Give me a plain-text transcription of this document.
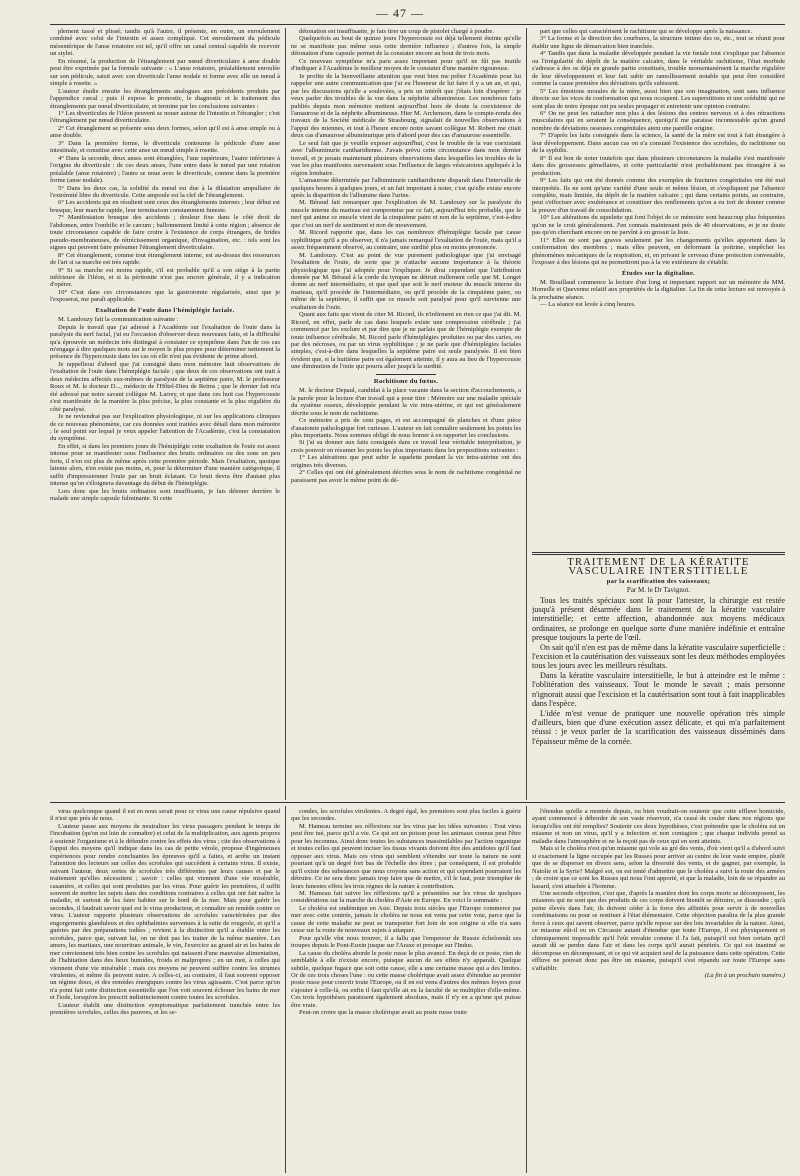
— 47 —

plement tassé et plissé; tandis qu'à l'autre, il présente, en outre, un enroulement combiné avec celui de l'intestin et assez compliqué. Cet enroulement du pédicule mésentérique de l'anse rotatoire est tel, qu'il offre un canal central capable de recevoir un stylet.

En résumé, la production de l'étranglement par nœud diverticulaire à anse double peut être exprimée par la formule suivante : « L'anse rotatoire, préalablement enroulée sur son pédicule, saisit avec son diverticule l'anse nodale et forme avec elle un nœud à simple à rosette. »

L'auteur étudie ensuite les étranglements analogues aux précédents produits par l'appendice cæcal ; puis il expose le pronostic, le diagnostic et le traitement des étranglements par nœud diverticulaire, et termine par les conclusions suivantes :

1° Les diverticules de l'iléon peuvent se nouer autour de l'intestin et l'étrangler ; c'est l'étranglement par nœud diverticulaire.

2° Cet étranglement se présente sous deux formes, selon qu'il est à anse simple ou à anse double.

3° Dans la première forme, le diverticule contourne le pédicule d'une anse intestinale, et constitue avec cette anse un nœud simple à rosette.

4° Dans la seconde, deux anses sont étranglées, l'une supérieure, l'autre inférieure à l'origine du diverticule : de ces deux anses, l'une entre dans le nœud par une rotation préalable (anse rotatoire) ; l'autre se noue avec le diverticule, comme dans la première forme (anse nodale).

5° Dans les deux cas, la solidité du nœud est due à la dilatation ampullaire de l'extrémité libre du diverticule. Cette ampoule est la clef de l'étranglement.

6° Les accidents qui en résultent sont ceux des étranglements internes ; leur début est brusque, leur marche rapide, leur terminaison constamment funeste.

7° Manifestation brusque des accidents ; douleur fixe dans le côté droit de l'abdomen, entre l'ombilic et le cæcum ; ballonnement limité à cette région ; absence de toute circonstance capable de faire croire à l'existence de corps étrangers, de brides pseudo-membraneuses, de rétrécissement organique, d'invagination, etc. : tels sont les signes qui peuvent faire présumer l'étranglement diverticulaire.

8° Cet étranglement, comme tout étranglement interne, est au-dessus des ressources de l'art si sa marche est très rapide.

9° Si sa marche est moins rapide, s'il est probable qu'il a son siège à la partie inférieure de l'iléon, et si la péritonite n'est pas encore générale, il y a indication d'opérer.

10° C'est dans ces circonstances que la gastrotomie régularisée, ainsi que je l'exposerai, me paraît applicable.

Exaltation de l'ouïe dans l'hémiplégie faciale.

M. Landouzy fait la communication suivante :

Depuis le travail que j'ai adressé à l'Académie sur l'exaltation de l'ouïe dans la paralysie du nerf facial, j'ai eu l'occasion d'observer deux nouveaux faits, et la difficulté qu'a éprouvée un médecin très distingué à constater ce symptôme dans l'un de ces cas m'engage à dire quelques mots sur le moyen le plus propre pour déterminer nettement la présence de l'hypercousie dans les cas où elle n'est pas évidente de prime abord.

Je rappellerai d'abord que j'ai consigné dans mon mémoire huit observations de l'exaltation de l'ouïe dans l'hémiplégie faciale ; que deux de ces observations ont trait à deux médecins affectés eux-mêmes de paralysie de la septième paire, M. le professeur Roux et M. le docteur D..., médecin de l'Hôtel-Dieu de Reims ; que le dernier fait m'a été adressé par notre savant collègue M. Larrey, et que dans ces huit cas l'hypercousie s'est manifestée de la manière la plus précise, la plus constante et la plus régulière du côté paralysé.

Je ne reviendrai pas sur l'explication physiologique, ni sur les applications cliniques de ce nouveau phénomène, car ces données sont traitées avec détail dans mon mémoire ; le seul point sur lequel je veux appeler l'attention de l'Académie, c'est la constatation du symptôme.

En effet, si dans les premiers jours de l'hémiplégie cette exaltation de l'ouïe est assez intense pour se manifester sous l'influence des bruits ordinaires ou des sons un peu forts, il n'en est plus de même après cette première période. Mais l'exaltation, quoique latente alors, n'en existe pas moins, et, pour la déterminer d'une manière catégorique, il suffit d'impressionner l'ouïe par un bruit éclatant. Ce bruit devra être d'autant plus intense qu'on s'éloignera davantage du début de l'hémiplégie.

Lors donc que les bruits ordinaires sont insuffisants, je fais détoner derrière le malade une simple capsule fulminante. Si cette

détonation est insuffisante, je fais tirer un coup de pistolet chargé à poudre.

Quelquefois au bout de quinze jours l'hypercousie est déjà tellement éteinte qu'elle ne se manifeste pas même sous cette dernière influence ; d'autres fois, la simple détonation d'une capsule permet de la constater encore au bout de trois mois.

Ce nouveau symptôme m'a paru assez important pour qu'il ne fût pas inutile d'indiquer à l'Académie le meilleur moyen de le constater d'une manière rigoureuse.

Je profite de la bienveillante attention que veut bien me prêter l'Académie pour lui rappeler une autre communication que j'ai eu l'honneur de lui faire il y a un an, et qui, par les discussions qu'elle a soulevées, a pris un intérêt que j'étais loin d'espérer : je veux parler des troubles de la vue dans la néphrite albumineuse. Les nombreux faits publiés depuis mon mémoire mettent aujourd'hui hors de doute la coexistence de l'amaurose et de la néphrite albumineuse. Hier M. Archenson, dans le compte-rendu des travaux de la Société médicale de Strasbourg, signalait de nouvelles observations à l'appui des miennes, et tout à l'heure encore notre savant collègue M. Robert me citait deux cas d'amaurose albuminurique pris d'abord pour des cas d'amaurose essentielle.

Le seul fait que je veuille exposer aujourd'hui, c'est le trouble de la vue coexistant avec l'albuminurie cantharidienne. J'avais prévu cette circonstance dans mon dernier travail, et je posais maintenant plusieurs observations dans lesquelles les troubles de la vue les plus manifestes survenaient sous l'influence de larges vésicatoires appliqués à la région lombaire.

L'amaurose déterminée par l'albuminurie cantharidienne disparaît dans l'intervalle de quelques heures à quelques jours, et un fait important à noter, c'est qu'elle existe encore après la disparition de l'albumine dans l'urine.

M. Béraud fait remarquer que l'explication de M. Landouzy sur la paralysie du muscle interne du marteau est compromise par ce fait, aujourd'hui très probable, que le nerf qui anime ce muscle vient de la cinquième paire et non de la septième, c'est-à-dire que c'est un nerf de sentiment et non de mouvement.

M. Ricord rapporte que, dans les cas nombreux d'hémiplégie faciale par cause syphilitique qu'il a pu observer, il n'a jamais remarqué l'exaltation de l'ouïe, mais qu'il a assez fréquemment observé, au contraire, une surdité plus ou moins prononcée.

M. Landouzy. C'est au point de vue purement pathologique que j'ai envisagé l'exaltation de l'ouïe, de sorte que je n'attache aucune importance à la théorie physiologique que j'ai adoptée pour l'expliquer. Je dirai cependant que l'attribution donnée par M. Béraud à la corde du tympan ne détruit nullement celle que M. Longet donne au nerf intermédiaire, et que quel que soit le nerf moteur du muscle interne du marteau, qu'il procède de l'intermédiaire, ou qu'il procède de la cinquième paire, ou même de la septième, il suffit que ce muscle soit paralysé pour qu'il survienne une exaltation de l'ouïe.

Quant aux faits que vient de citer M. Ricord, ils n'infirment en rien ce que j'ai dit. M. Ricord, en effet, parle de cas dans lesquels existe une compression cérébrale ; j'ai commencé par les exclure et par dire que je ne parlais que de l'hémiplégie exempte de toute influence cérébrale. M. Ricord parle d'hémiplégies produites ou par des caries, ou par des nécroses, ou par un virus syphilitique ; je ne parle que d'hémiplégies faciales simples, c'est-à-dire dans lesquelles la septième paire est seule paralysée. Il est bien évident que, si la huitième paire est également atteinte, il y aura au lieu de l'hypercousie une diminution de l'ouïe qui pourra aller jusqu'à la surdité.

Rachitisme du fœtus.

M. le docteur Depaul, candidat à la place vacante dans la section d'accouchements, a la parole pour la lecture d'un travail qui a pour titre : Mémoire sur une maladie spéciale du système osseux, développée pendant la vie intra-utérine, et qui est généralement décrite sous le nom de rachitisme.

Ce mémoire a pris de cent pages, et est accompagné de planches et d'une pièce d'anatomie pathologique fort curieuse. L'auteur en fait connaître seulement les points les plus importants. Nous sommes obligé de nous borner à en rapporter les conclusions.

Si j'ai su donner aux faits consignés dans ce travail leur véritable interprétation, je crois pouvoir en résumer les points les plus importants dans les propositions suivantes :

1° Les altérations que peut subir le squelette pendant la vie intra-utérine ont des origines très diverses.

2° Celles qui ont été généralement décrites sous le nom de rachitisme congénital ne paraissent pas avoir le même point de dé-

part que celles qui caractérisent le rachitisme qui se développe après la naissance.

3° La forme et la direction des courbures, la structure intime des os, etc., tout se réunit pour établir une ligne de démarcation bien tranchée.

4° Tandis que dans la maladie développée pendant la vie fœtale tout s'explique par l'absence ou l'irrégularité du dépôt de la matière calcaire, dans le véritable rachitisme, l'état morbide s'adresse à des os déjà en grande partie constitués, trouble momentanément la marche régulière de leur développement et leur fait subir un ramollissement notable qui peut être considéré comme la cause première des déviations qu'ils subissent.

5° Les émotions morales de la mère, aussi bien que son imagination, sont sans influence directe sur les vices de conformation qui nous occupent. Les superstitions et une crédulité qui ne sont plus de notre époque ont pu seules propager et entretenir une opinion contraire.

6° On ne peut les rattacher non plus à des lésions des centres nerveux et à des rétractions musculaires qui en seraient la conséquence, quoiqu'il me paraisse incontestable qu'un grand nombre de déviations osseuses congénitales aient une pareille origine.

7° D'après les faits consignés dans la science, la santé de la mère est tout à fait étrangère à leur développement. Dans aucun cas on n'a constaté l'existence des scrofules, du rachitisme ou de la syphilis.

8° Il est bon de noter toutefois que dans plusieurs circonstances la maladie s'est manifestée dans des grossesses gémellaires, et cette particularité n'est probablement pas étrangère à sa production.

9° Les faits qui ont été donnés comme des exemples de fractures congénitales ont été mal interprétés. Ils ne sont qu'une variété d'une seule et même lésion, et s'expliquent par l'absence complète, mais limitée, du dépôt de la matière calcaire ; qui dans certains points, au contraire, peut s'effectuer avec exubérance et constituer des renflements qu'on a eu tort de donner comme la preuve d'un travail de consolidation.

10° Les altérations du squelette qui font l'objet de ce mémoire sont beaucoup plus fréquentes qu'on ne le croit généralement. J'en connais maintenant près de 40 observations, et je ne doute pas qu'en cherchant encore on ne parvînt à en grossir la liste.

11° Elles ne sont pas graves seulement par les changements qu'elles apportent dans la conformation des membres ; mais elles peuvent, en déformant la poitrine, empêcher les phénomènes mécaniques de la respiration, et, en privant le cerveau d'une protection convenable, l'exposer à des lésions qui ne permettront pas à la vie extérieure de s'établir.

Études sur la digitaline.

M. Bouillaud commence la lecture d'un long et important rapport sur un mémoire de MM. Homolle et Quevenne relatif aux propriétés de la digitaline. La fin de cette lecture est renvoyée à la prochaine séance.

— La séance est levée à cinq heures.

TRAITEMENT DE LA KÉRATITE VASCULAIRE INTERSTITIELLE

par la scarification des vaisseaux;

Par M. le Dr Tavignot.

Tous les traités spéciaux sont là pour l'attester, la chirurgie est restée jusqu'à présent désarmée dans le traitement de la kératite vasculaire interstitielle; et cette affection, abandonnée aux moyens médicaux ordinaires, se prolonge en quelque sorte d'une manière indéfinie et entraîne presque toujours la perte de l'œil.

On sait qu'il n'en est pas de même dans la kératite vasculaire superficielle : l'excision et la cautérisation des vaisseaux sont les deux méthodes employées tous les jours avec les meilleurs résultats.

Dans la kératite vasculaire interstitielle, le but à atteindre est le même : l'oblitération des vaisseaux. Tout le monde le savait ; mais personne n'ignorait aussi que l'excision et la cautérisation sont tout à fait inapplicables dans l'espèce.

L'idée m'est venue de pratiquer une nouvelle opération très simple d'ailleurs, bien que d'une exécution assez délicate, et qui m'a parfaitement réussi : je veux parler de la scarification des vaisseaux disséminés dans l'épaisseur même de la cornée.

virus quelconque quand il est en nous serait pour ce virus une cause répulsive quand il n'est que près de nous.

L'auteur passe aux moyens de neutraliser les virus passagers pendant le temps de l'incubation (qu'on est loin de connaître) et celui de la multiplication, aux agents propres à soutenir l'organisme et à le défendre contre les effets des virus ; cite des observations à l'appui des moyens qu'il indique dans les cas de petite vérole, propose d'ingénieuses expériences pour rendre concluantes les épreuves qu'il a faites, et arrête un instant l'attention des lecteurs sur celles des scrofules qui succèdent à certains virus. Il existe, suivant l'auteur, deux sortes de scrofules très différentes par leurs causes et par le traitement qu'elles nécessitent ; savoir : celles qui viennent d'une vie misérable, casanière, et celles qui sont produites par les virus. Pour guérir les premières, il suffit souvent de mettre les sujets dans des conditions contraires à celles qui ont fait naître la maladie, et surtout de les faire habiter sur le bord de la mer. Mais pour guérir les secondes, il faudrait savoir quel est le virus producteur, et connaître un remède contre ce virus. L'auteur rapporte plusieurs observations de scrofules caractérisées par des engorgements glanduleux et des ophthalmies survenues à la suite de rougeole, et qu'il a guéries par des préparations iodées ; revient à la distinction qu'il a établie entre les scrofules, parce que, suivant lui, on ne doit pas les traiter de la même manière. Les amers, les martiaux, une nourriture animale, le vin, l'exercice au grand air et les bains de mer conviennent très bien contre les scrofules qui naissent d'une mauvaise alimentation, de l'habitation dans des lieux humides, froids et malpropres ; en un mot, à celles qui viennent d'une vie misérable ; mais ces moyens ne peuvent suffire contre les strumes virulentes, et même ils peuvent nuire. A celles-ci, au contraire, il faut souvent opposer un régime doux, et des remèdes énergiques contre les virus agissants. C'est parce qu'on n'a point fait cette distinction essentielle que l'on voit souvent échouer les bains de mer et l'iode, lorsqu'on les prescrit indistinctement contre toutes les scrofules.

L'auteur établit une distinction symptomatique parfaitement tranchée entre les premières scrofules, celles des pauvres, et les se-

condes, les scrofules virulentes. A degré égal, les premières sont plus faciles à guérir que les secondes.

M. Hameau termine ses réflexions sur les virus par les idées suivantes : Tout virus peut être tué, parce qu'il a vie. Ce qui est un poison pour les animaux connus peut l'être pour les inconnus. Ainsi donc toutes les substances inassimilables par l'action organique et toutes celles qui peuvent inciser les tissus vivants doivent être des antidotes qu'il faut opposer aux virus. Mais ces virus qui semblent s'étendre sur toute la nature ne sont pourtant qu'à un degré fort bas de l'échelle des êtres ; par conséquent, il est probable qu'il existe des substances que nous croyons sans action et qui cependant pourraient les détruire. Ce ne sera donc jamais trop faire que de mettre, s'il le faut, pour triompher de leurs funestes effets les trois règnes de la nature à contribution.

M. Hameau fait suivre les réflexions qu'il a présentées sur les virus de quelques considérations sur la marche du choléra d'Asie en Europe. En voici le sommaire :

Le choléra est endémique en Asie. Depuis trois siècles que l'Europe commerce par mer avec cette contrée, jamais le choléra ne nous est venu par cette voie, parce que la cause de cette maladie ne peut se transporter fort loin de son origine si elle n'a sans cesse sur la route de nouveaux sujets à attaquer.

Pour qu'elle vînt nous trouver, il a fallu que l'empereur de Russie échelonnât ses troupes depuis le Pont-Euxin jusque sur l'Araxe et presque sur l'Indus.

La cause du choléra aborde le poste russe le plus avancé. En deçà de ce poste, rien de semblable à elle n'existe encore, puisque aucun de ses effets n'y apparaît. Quelque subtile, quelque fugace que soit cette cause, elle a une certaine masse qui a des limites. Or de ces trois choses l'une : ou cette masse cholérique avait assez d'étendue au premier poste russe pour couvrir toute l'Europe, ou il en est venu d'autres des mêmes foyers pour s'ajouter à celle-là, ou enfin il faut qu'elle ait eu la faculté de se multiplier d'elle-même. Ces trois hypothèses paraissent également absolues, mais il n'y en a qu'une qui puisse être vraie.

Peut-on croire que la masse cholérique avait au poste russe toute

l'étendue qu'elle a montrée depuis, ou bien voudrait-on soutenir que cette effluve homicide, ayant commencé à déborder de son vaste réservoir, n'a cessé de couler dans nos régions que lorsqu'elles ont été remplies? Soutenir ces deux hypothèses, c'est prétendre que le choléra est un miasme et non un virus, qu'il y a infection et non contagion ; que chaque individu prend sa maladie dans l'atmosphère et ne la reçoit pas de ceux qui en sont atteints.

Mais si le choléra n'est qu'un miasme qui vole au gré des vents, d'où vient qu'il a d'abord suivi si exactement la ligne occupée par les Russes pour arriver au centre de leur vaste empire, plutôt que de se disperser en divers sens, selon la diversité des vents, et de gagner, par exemple, la Natolie et la Syrie? Malgré soi, on est tenté d'admettre que le choléra a suivi la route des armées ; de croire que ce sont les Russes qui nous l'ont apporté, et que la maladie, loin de se répandre au hasard, s'est attachée à l'homme.

Une seconde objection, c'est que, d'après la manière dont les corps morts se décomposent, les miasmes qui ne sont que des produits de ces corps doivent bientôt se détruire, se dissoudre ; qu'à peine élevés dans l'air, ils doivent céder à la force des affinités pour servir à de nouvelles combinaisons ou pour se restituer à l'état élémentaire. Cette objection paraîtra de la plus grande force à ceux qui savent observer, parce qu'elle repose sur des lois invariables de la nature. Ainsi, ce miasme eût-il eu en Circassie autant d'étendue que toute l'Europe, il est physiquement et chimiquement impossible qu'il l'eût envahie comme il l'a fait, puisqu'il est bien certain qu'il aurait dû se perdre dans l'air et dans les corps qu'il aurait pénétrés. Ce qui est inanimé se décompose en décomposant, et ce qui vit acquiert seul de la puissance dans cette opération. Cette effluve ne pouvait donc pas être un miasme, puisqu'il s'est répandu sur toute l'Europe sans s'affaiblir.

(La fin à un prochain numéro.)
